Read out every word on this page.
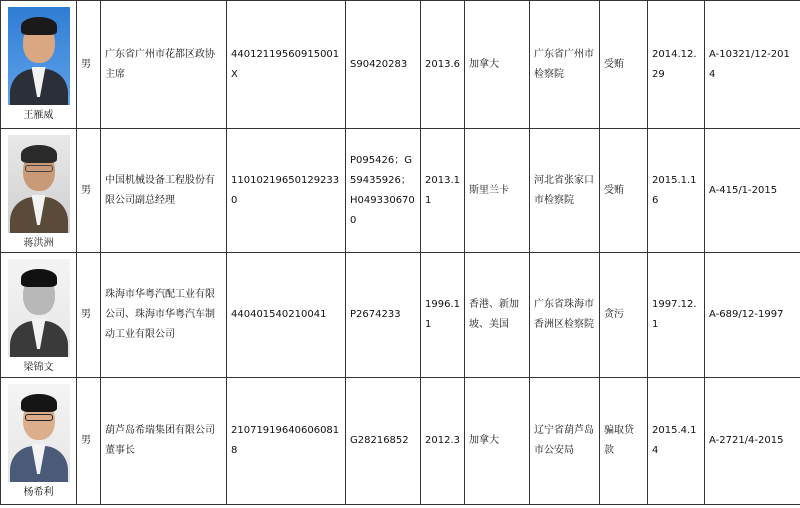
王雁威	男	广东省广州市花都区政协主席	44012119560915001X	S90420283	2013.6	加拿大	广东省广州市检察院	受贿	2014.12.29	A-10321/12-2014

蒋洪洲	男	中国机械设备工程股份有限公司副总经理	110102196501292330	P095426；G59435926；H0493306700	2013.11	斯里兰卡	河北省张家口市检察院	受贿	2015.1.16	A-415/1-2015

梁锦文	男	珠海市华粤汽配工业有限公司、珠海市华粤汽车制动工业有限公司	440401540210041	P2674233	1996.11	香港、新加坡、美国	广东省珠海市香洲区检察院	贪污	1997.12.1	A-689/12-1997

杨希利	男	葫芦岛希瑞集团有限公司董事长	210719196406060818	G28216852	2012.3	加拿大	辽宁省葫芦岛市公安局	骗取贷款	2015.4.14	A-2721/4-2015
